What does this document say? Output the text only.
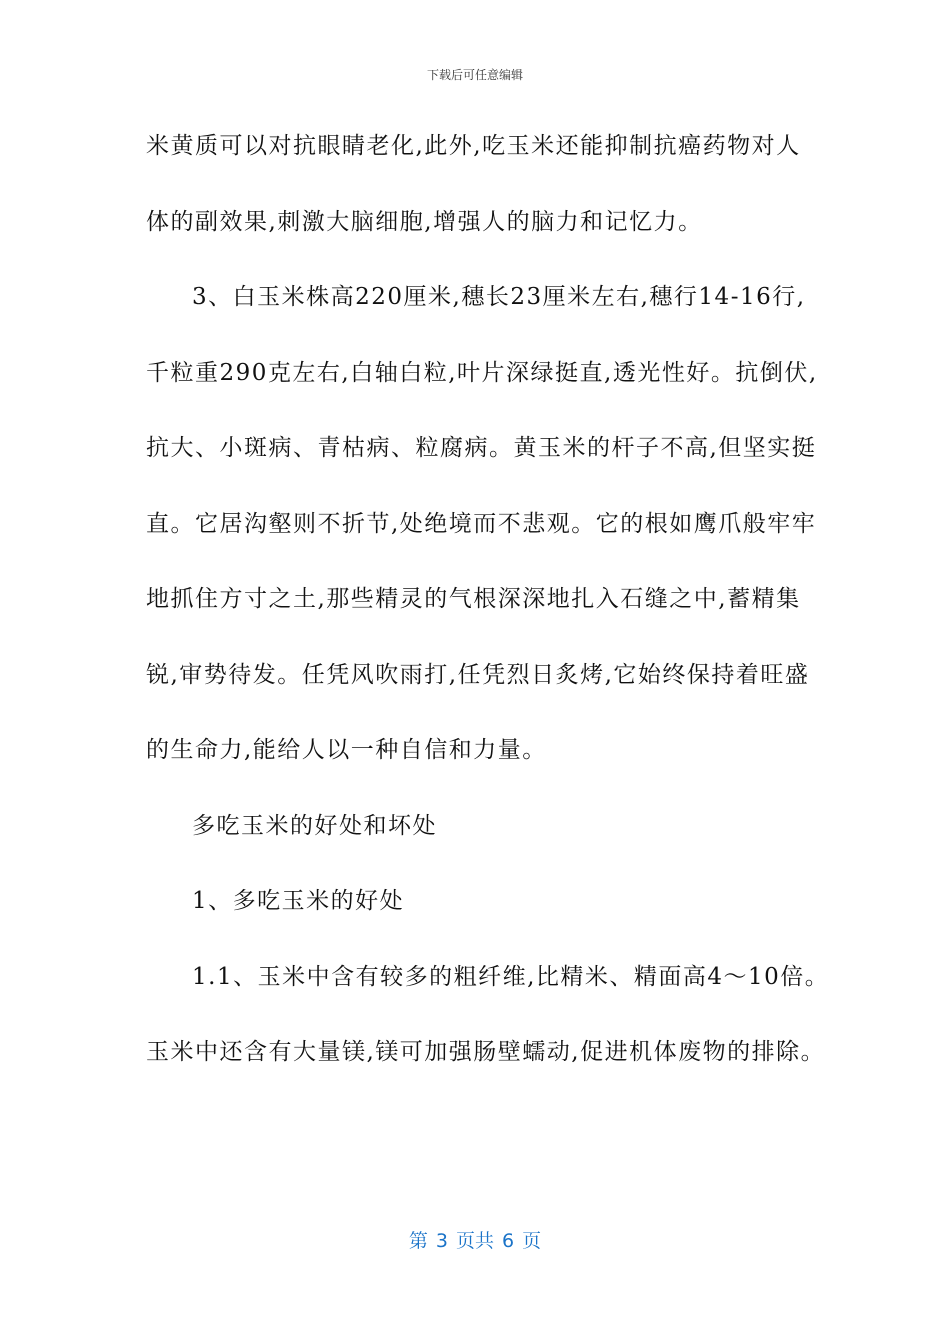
下载后可任意编辑
米黄质可以对抗眼睛老化,此外,吃玉米还能抑制抗癌药物对人
体的副效果,刺激大脑细胞,增强人的脑力和记忆力。
3、白玉米株高220厘米,穗长23厘米左右,穗行14-16行,
千粒重290克左右,白轴白粒,叶片深绿挺直,透光性好。抗倒伏,
抗大、小斑病、青枯病、粒腐病。黄玉米的杆子不高,但坚实挺
直。它居沟壑则不折节,处绝境而不悲观。它的根如鹰爪般牢牢
地抓住方寸之土,那些精灵的气根深深地扎入石缝之中,蓄精集
锐,审势待发。任凭风吹雨打,任凭烈日炙烤,它始终保持着旺盛
的生命力,能给人以一种自信和力量。
多吃玉米的好处和坏处
1、多吃玉米的好处
1.1、玉米中含有较多的粗纤维,比精米、精面高4～10倍。
玉米中还含有大量镁,镁可加强肠壁蠕动,促进机体废物的排除。
第 3 页共 6 页
